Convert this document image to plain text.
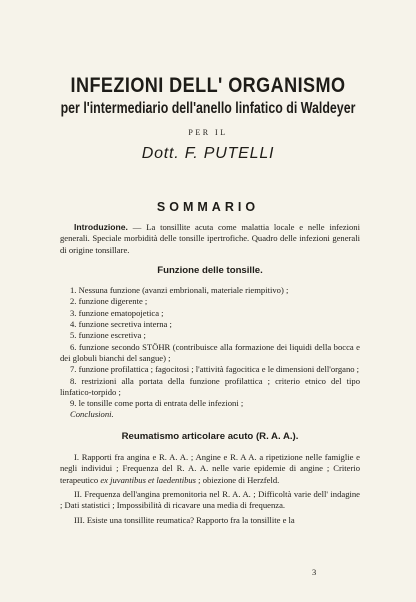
INFEZIONI DELL' ORGANISMO
per l'intermediario dell'anello linfatico di Waldeyer
PER IL
Dott. F. PUTELLI
SOMMARIO

Introduzione. — La tonsillite acuta come malattia locale e nelle infezioni generali. Speciale morbidità delle tonsille ipertrofiche. Quadro delle infezioni generali di origine tonsillare.

Funzione delle tonsille.

1. Nessuna funzione (avanzi embrionali, materiale riempitivo) ;

2. funzione digerente ;

3. funzione ematopojetica ;

4. funzione secretiva interna ;

5. funzione escretiva ;

6. funzione secondo STÖHR (contribuisce alla formazione dei liquidi della bocca e dei globuli bianchi del sangue) ;

7. funzione profilattica ; fagocitosi ; l'attività fagocitica e le dimensioni dell'organo ;

8. restrizioni alla portata della funzione profilattica ; criterio etnico del tipo linfatico-torpido ;

9. le tonsille come porta di entrata delle infezioni ;

Conclusioni.

Reumatismo articolare acuto (R. A. A.).

I. Rapporti fra angina e R. A. A. ; Angine e R. A A. a ripetizione nelle famiglie e negli individui ; Frequenza del R. A. A. nelle varie epidemie di angine ; Criterio terapeutico ex juvantibus et laedentibus ; obiezione di Herzfeld.

II. Frequenza dell'angina premonitoria nel R. A. A. ; Difficoltà varie dell' indagine ; Dati statistici ; Impossibilità di ricavare una media di frequenza.

III. Esiste una tonsillite reumatica? Rapporto fra la tonsillite e la

3
